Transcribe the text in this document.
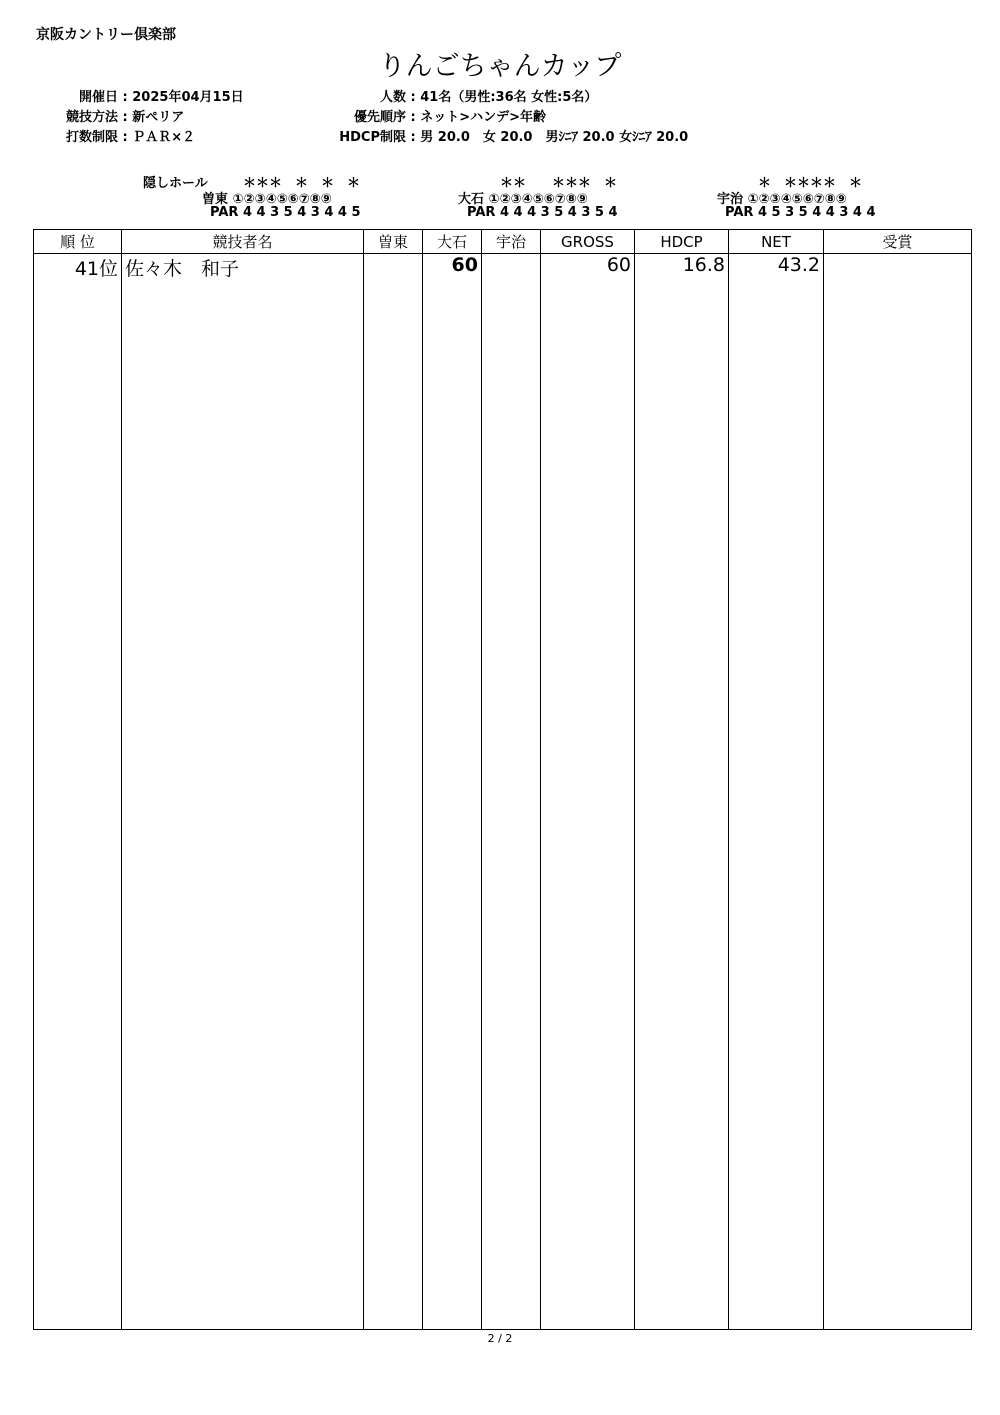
京阪カントリー倶楽部
りんごちゃんカップ
開催日 : 2025年04月15日
競技方法 : 新ペリア
打数制限 : ＰＡＲ×２
人数 : 41名（男性:36名 女性:5名）
優先順序 : ネット>ハンデ>年齢
HDCP制限 : 男 20.0　女 20.0　男ｼﾆｱ 20.0 女ｼﾆｱ 20.0
隠しホール	＊＊＊　＊　＊　＊
曽東 ①②③④⑤⑥⑦⑧⑨
PAR 4 4 3 5 4 3 4 4 5
＊＊　　＊＊＊　＊
大石 ①②③④⑤⑥⑦⑧⑨
PAR 4 4 4 3 5 4 3 5 4
＊　＊＊＊＊　＊
宇治 ①②③④⑤⑥⑦⑧⑨
PAR 4 5 3 5 4 4 3 4 4
順 位	競技者名	曽東	大石	宇治	GROSS	HDCP	NET	受賞
41位	佐々木　和子		60		60	16.8	43.2	

2 / 2
